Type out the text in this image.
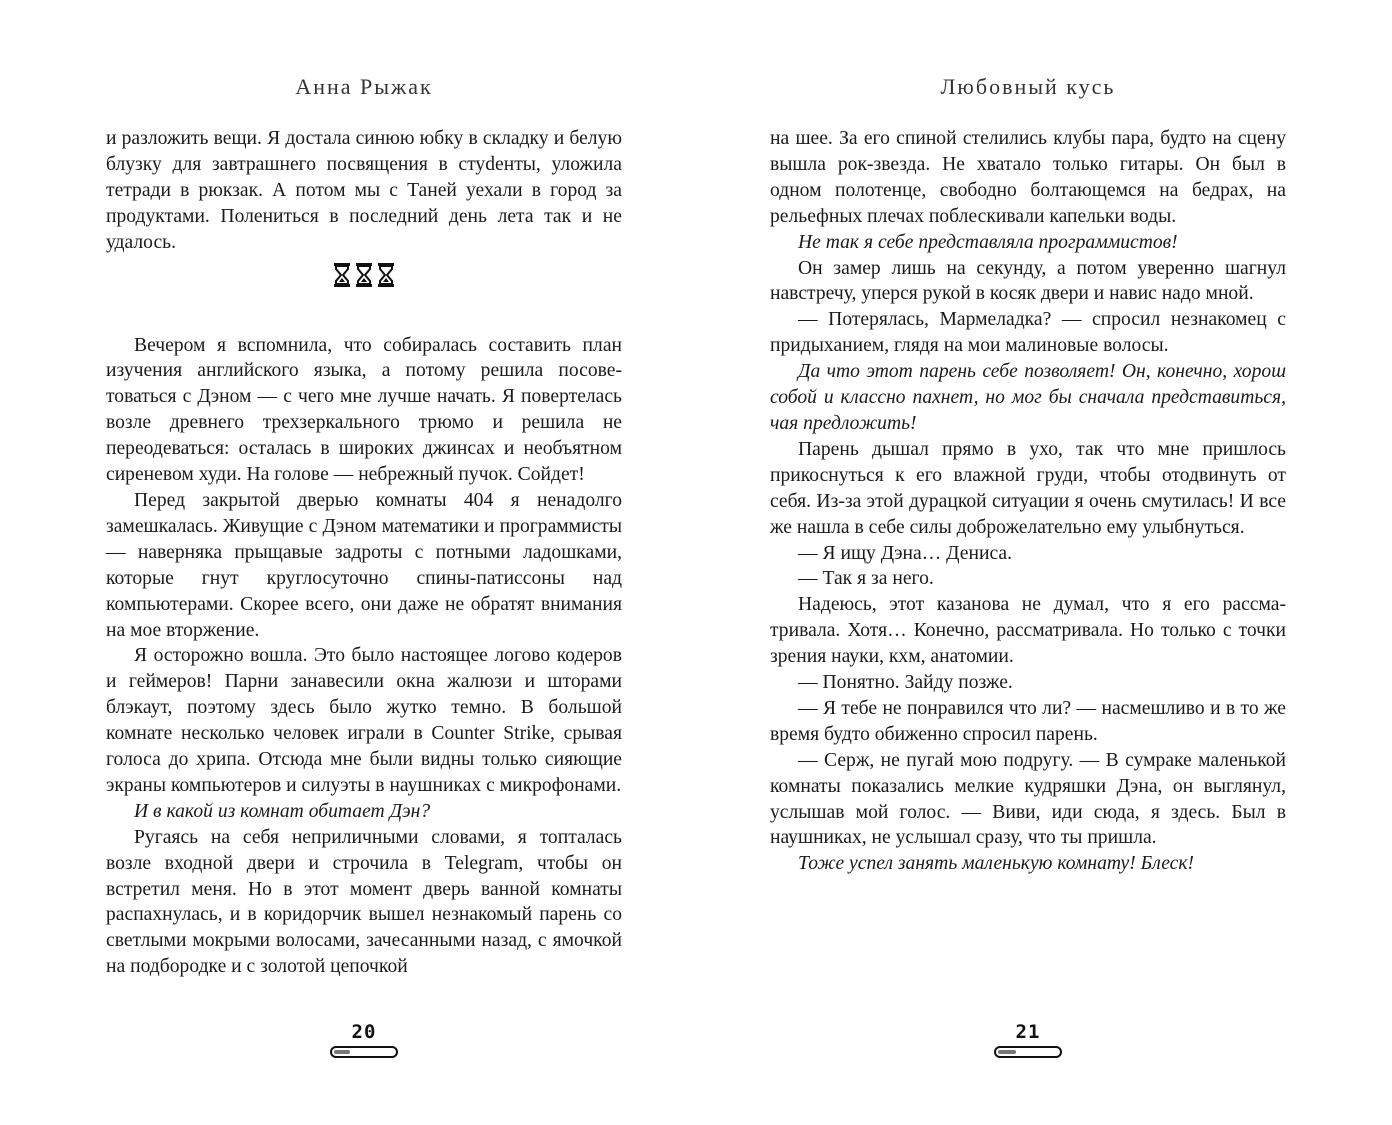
Анна Рыжак

и разложить вещи. Я достала синюю юбку в складку и белую блузку для завтрашнего посвящения в стуdенты, уложила тетради в рюкзак. А потом мы с Таней уехали в город за продуктами. Полениться в последний день лета так и не удалось.

Вечером я вспомнила, что собиралась составить план изучения английского языка, а потому решила посоветоваться с Дэном — с чего мне лучше начать. Я повертелась возле древнего трехзеркального трюмо и решила не переодеваться: осталась в широких джинсах и необъятном сиреневом худи. На голове — небрежный пучок. Сойдет!

Перед закрытой дверью комнаты 404 я ненадолго замешкалась. Живущие с Дэном математики и программисты — наверняка прыщавые задроты с потными ладошками, которые гнут круглосуточно спины-патиссоны над компьютерами. Скорее всего, они даже не обратят внимания на мое вторжение.

Я осторожно вошла. Это было настоящее логово кодеров и геймеров! Парни занавесили окна жалюзи и шторами блэкаут, поэтому здесь было жутко темно. В большой комнате несколько человек играли в Counter Strike, срывая голоса до хрипа. Отсюда мне были видны только сияющие экраны компьютеров и силуэты в наушниках с микрофонами.

И в какой из комнат обитает Дэн?

Ругаясь на себя неприличными словами, я топталась возле входной двери и строчила в Telegram, чтобы он встретил меня. Но в этот момент дверь ванной комнаты распахнулась, и в коридорчик вышел незнакомый парень со светлыми мокрыми волосами, зачесанными назад, с ямочкой на подбородке и с золотой цепочкой

20
Любовный кусь

на шее. За его спиной стелились клубы пара, будто на сцену вышла рок-звезда. Не хватало только гитары. Он был в одном полотенце, свободно болтающемся на бедрах, на рельефных плечах поблескивали капельки воды.

Не так я себе представляла программистов!

Он замер лишь на секунду, а потом уверенно шагнул навстречу, уперся рукой в косяк двери и навис надо мной.

— Потерялась, Мармеладка? — спросил незнакомец с придыханием, глядя на мои малиновые волосы.

Да что этот парень себе позволяет! Он, конечно, хорош собой и классно пахнет, но мог бы сначала представиться, чая предложить!

Парень дышал прямо в ухо, так что мне пришлось прикоснуться к его влажной груди, чтобы отодвинуть от себя. Из-за этой дурацкой ситуации я очень смутилась! И все же нашла в себе силы доброжелательно ему улыбнуться.

— Я ищу Дэна… Дениса.

— Так я за него.

Надеюсь, этот казанова не думал, что я его рассматривала. Хотя… Конечно, рассматривала. Но только с точки зрения науки, кхм, анатомии.

— Понятно. Зайду позже.

— Я тебе не понравился что ли? — насмешливо и в то же время будто обиженно спросил парень.

— Серж, не пугай мою подругу. — В сумраке маленькой комнаты показались мелкие кудряшки Дэна, он выглянул, услышав мой голос. — Виви, иди сюда, я здесь. Был в наушниках, не услышал сразу, что ты пришла.

Тоже успел занять маленькую комнату! Блеск!

21
